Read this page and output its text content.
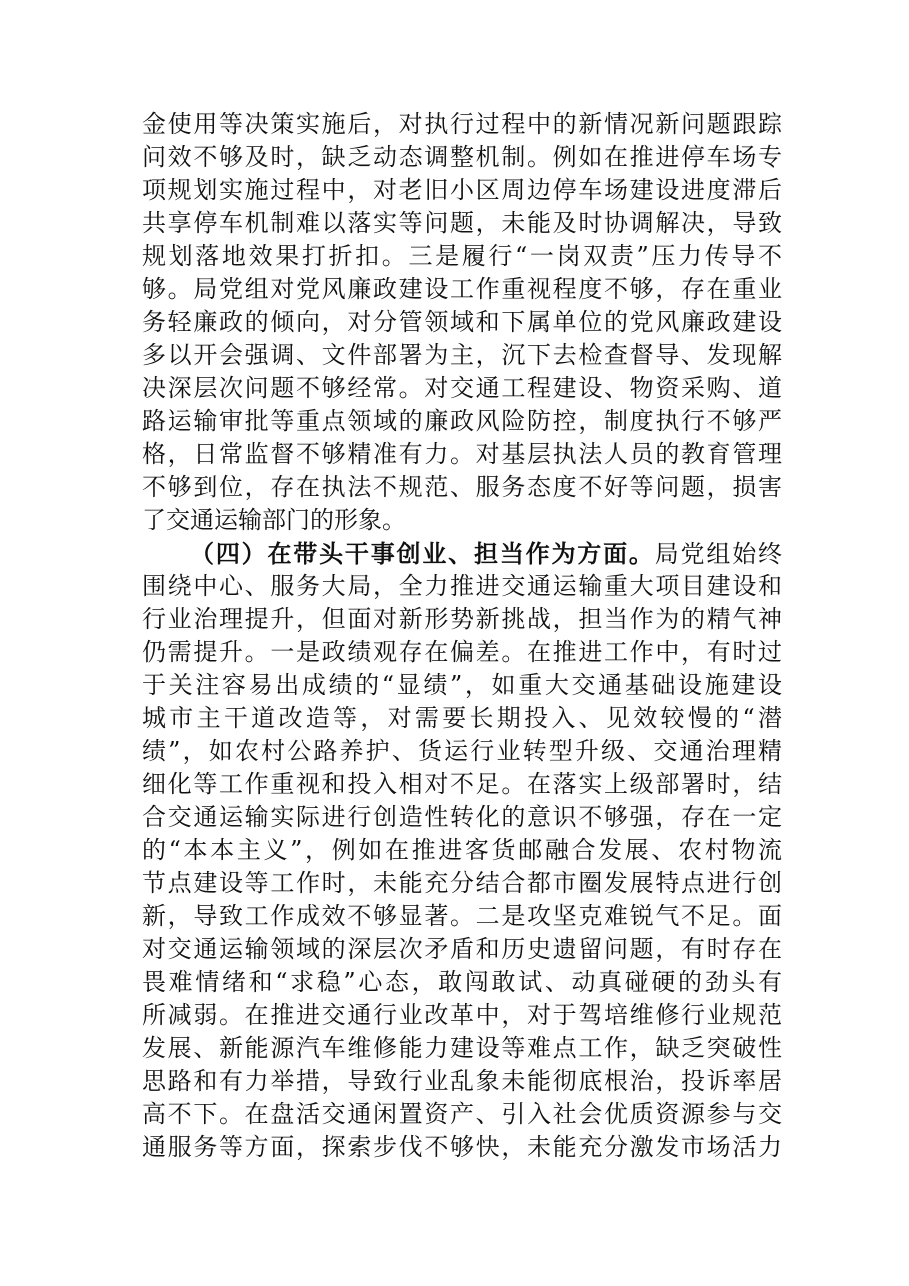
金使用等决策实施后，对执行过程中的新情况新问题跟踪
问效不够及时，缺乏动态调整机制。例如在推进停车场专
项规划实施过程中，对老旧小区周边停车场建设进度滞后
共享停车机制难以落实等问题，未能及时协调解决，导致
规划落地效果打折扣。三是履行“一岗双责”压力传导不
够。局党组对党风廉政建设工作重视程度不够，存在重业
务轻廉政的倾向，对分管领域和下属单位的党风廉政建设
多以开会强调、文件部署为主，沉下去检查督导、发现解
决深层次问题不够经常。对交通工程建设、物资采购、道
路运输审批等重点领域的廉政风险防控，制度执行不够严
格，日常监督不够精准有力。对基层执法人员的教育管理
不够到位，存在执法不规范、服务态度不好等问题，损害
了交通运输部门的形象。
（四）在带头干事创业、担当作为方面。局党组始终
围绕中心、服务大局，全力推进交通运输重大项目建设和
行业治理提升，但面对新形势新挑战，担当作为的精气神
仍需提升。一是政绩观存在偏差。在推进工作中，有时过
于关注容易出成绩的“显绩”，如重大交通基础设施建设
城市主干道改造等，对需要长期投入、见效较慢的“潜
绩”，如农村公路养护、货运行业转型升级、交通治理精
细化等工作重视和投入相对不足。在落实上级部署时，结
合交通运输实际进行创造性转化的意识不够强，存在一定
的“本本主义”，例如在推进客货邮融合发展、农村物流
节点建设等工作时，未能充分结合都市圈发展特点进行创
新，导致工作成效不够显著。二是攻坚克难锐气不足。面
对交通运输领域的深层次矛盾和历史遗留问题，有时存在
畏难情绪和“求稳”心态，敢闯敢试、动真碰硬的劲头有
所减弱。在推进交通行业改革中，对于驾培维修行业规范
发展、新能源汽车维修能力建设等难点工作，缺乏突破性
思路和有力举措，导致行业乱象未能彻底根治，投诉率居
高不下。在盘活交通闲置资产、引入社会优质资源参与交
通服务等方面，探索步伐不够快，未能充分激发市场活力
